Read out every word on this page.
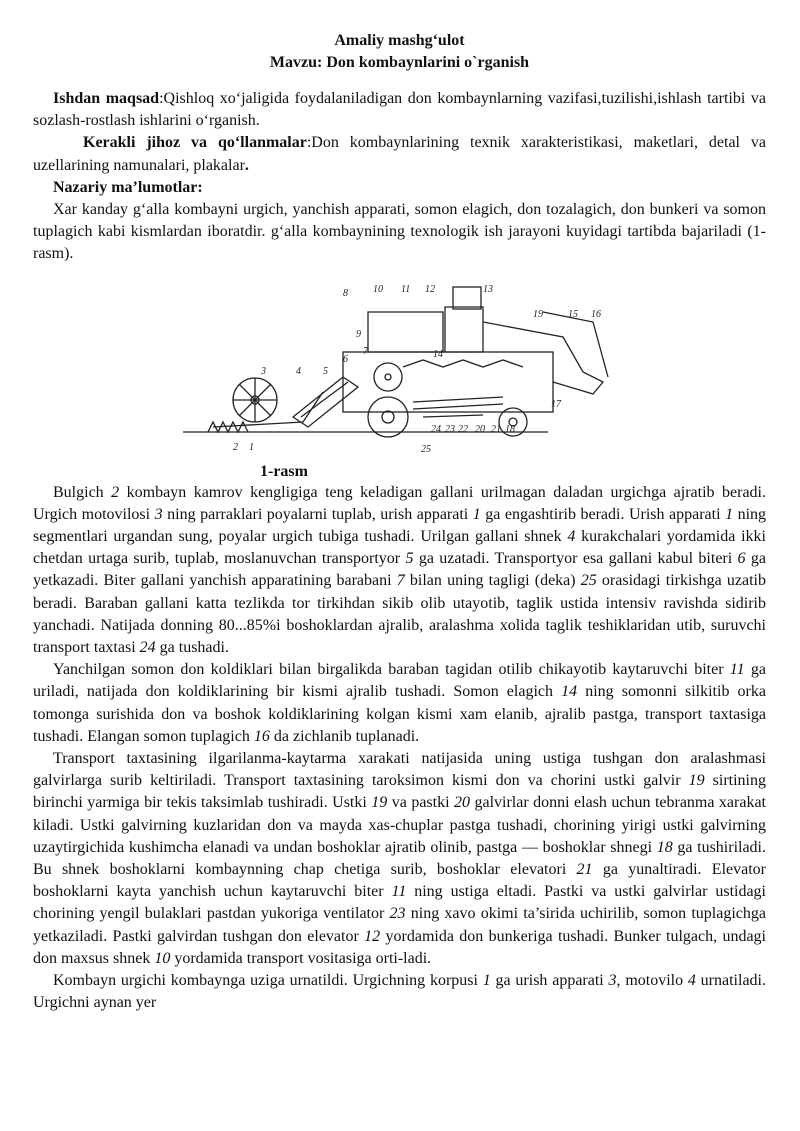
Amaliy mashg‘ulot
Mavzu: Don kombaynlarini o`rganish

Ishdan maqsad:Qishloq xo‘jaligida foydalaniladigan don kombaynlarning vazifasi,tuzilishi,ishlash tartibi va sozlash-rostlash ishlarini o‘rganish.

Kerakli jihoz va qo‘llanmalar:Don kombaynlarining texnik xarakteristikasi, maketlari, detal va uzellarining namunalari, plakalar.

Nazariy ma’lumotlar:

Xar kanday g‘alla kombayni urgich, yanchish apparati, somon elagich, don tozalagich, don bunkeri va somon tuplagich kabi kismlardan iboratdir. g‘alla kombaynining texnologik ish jarayoni kuyidagi tartibda bajariladi (1- rasm).

8	10 11 12	13
19	15 16
9
7
6
5
4
3
2 1
24
25
22 20 21 18
23
17
14
1-rasm

Bulgich 2 kombayn kamrov kengligiga teng keladigan gallani urilmagan daladan urgichga ajratib beradi. Urgich motovilosi 3 ning parraklari poyalarni tuplab, urish apparati 1 ga engashtirib beradi. Urish apparati 1 ning segmentlari urgandan sung, poyalar urgich tubiga tushadi. Urilgan gallani shnek 4 kurakchalari yordamida ikki chetdan urtaga surib, tuplab, moslanuvchan transportyor 5 ga uzatadi. Transportyor esa gallani kabul biteri 6 ga yetkazadi. Biter gallani yanchish apparatining barabani 7 bilan uning tagligi (deka) 25 orasidagi tirkishga uzatib beradi. Baraban gallani katta tezlikda tor tirkihdan sikib olib utayotib, taglik ustida intensiv ravishda sidirib yanchadi. Natijada donning 80...85%i boshoklardan ajralib, aralashma xolida taglik teshiklaridan utib, suruvchi transport taxtasi 24 ga tushadi.

Yanchilgan somon don koldiklari bilan birgalikda baraban tagidan otilib chikayotib kaytaruvchi biter 11 ga uriladi, natijada don koldiklarining bir kismi ajralib tushadi. Somon elagich 14 ning somonni silkitib orka tomonga surishida don va boshok koldiklarining kolgan kismi xam elanib, ajralib pastga, transport taxtasiga tushadi. Elangan somon tuplagich 16 da zichlanib tuplanadi.

Transport taxtasining ilgarilanma-kaytarma xarakati natijasida uning ustiga tushgan don aralashmasi galvirlarga surib keltiriladi. Transport taxtasining taroksimon kismi don va chorini ustki galvir 19 sirtining birinchi yarmiga bir tekis taksimlab tushiradi. Ustki 19 va pastki 20 galvirlar donni elash uchun tebranma xarakat kiladi. Ustki galvirning kuzlaridan don va mayda xas-chuplar pastga tushadi, chorining yirigi ustki galvirning uzaytirgichida kushimcha elanadi va undan boshoklar ajratib olinib, pastga — boshoklar shnegi 18 ga tushiriladi. Bu shnek boshoklarni kombaynning chap chetiga surib, boshoklar elevatori 21 ga yunaltiradi. Elevator boshoklarni kayta yanchish uchun kaytaruvchi biter 11 ning ustiga eltadi. Pastki va ustki galvirlar ustidagi chorining yengil bulaklari pastdan yukoriga ventilator 23 ning xavo okimi ta’sirida uchirilib, somon tuplagichga yetkaziladi. Pastki galvirdan tushgan don elevator 12 yordamida don bunkeriga tushadi. Bunker tulgach, undagi don maxsus shnek 10 yordamida transport vositasiga orti-ladi.

Kombayn urgichi kombaynga uziga urnatildi. Urgichning korpusi 1 ga urish apparati 3, motovilo 4 urnatiladi. Urgichni aynan yer
